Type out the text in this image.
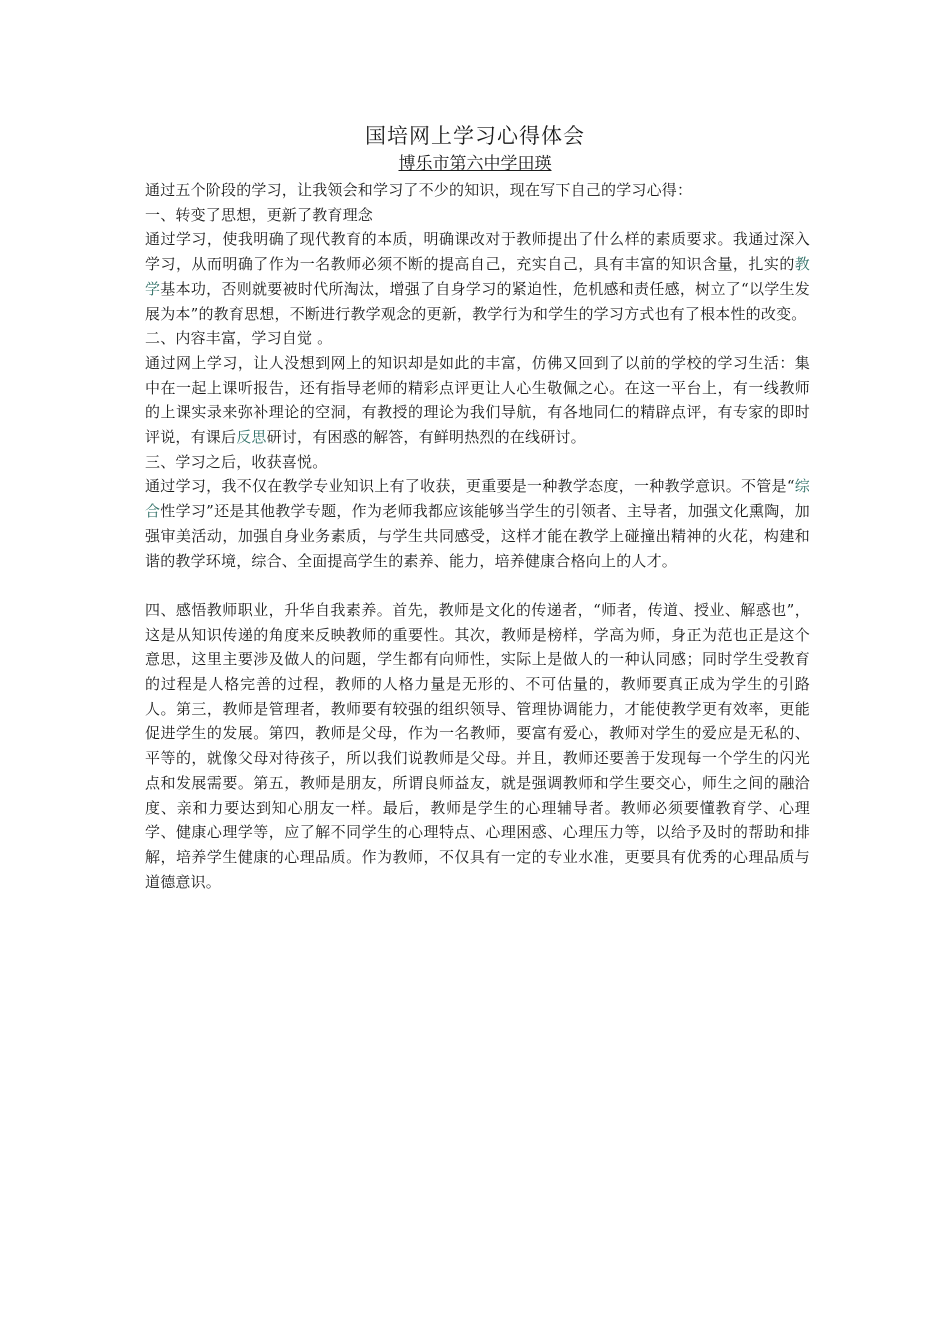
国培网上学习心得体会
博乐市第六中学田瑛

通过五个阶段的学习，让我领会和学习了不少的知识，现在写下自己的学习心得：

一、转变了思想，更新了教育理念

通过学习，使我明确了现代教育的本质，明确课改对于教师提出了什么样的素质要求。我通过深入学习，从而明确了作为一名教师必须不断的提高自己，充实自己，具有丰富的知识含量，扎实的教学基本功，否则就要被时代所淘汰，增强了自身学习的紧迫性，危机感和责任感，树立了“以学生发展为本”的教育思想，不断进行教学观念的更新，教学行为和学生的学习方式也有了根本性的改变。

二、内容丰富，学习自觉 。

通过网上学习，让人没想到网上的知识却是如此的丰富，仿佛又回到了以前的学校的学习生活：集中在一起上课听报告，还有指导老师的精彩点评更让人心生敬佩之心。在这一平台上，有一线教师的上课实录来弥补理论的空洞，有教授的理论为我们导航，有各地同仁的精辟点评，有专家的即时评说，有课后反思研讨，有困惑的解答，有鲜明热烈的在线研讨。

三、学习之后，收获喜悦。

通过学习，我不仅在教学专业知识上有了收获，更重要是一种教学态度，一种教学意识。不管是“综合性学习”还是其他教学专题，作为老师我都应该能够当学生的引领者、主导者，加强文化熏陶，加强审美活动，加强自身业务素质，与学生共同感受，这样才能在教学上碰撞出精神的火花，构建和谐的教学环境，综合、全面提高学生的素养、能力，培养健康合格向上的人才。

四、感悟教师职业，升华自我素养。首先，教师是文化的传递者，“师者，传道、授业、解惑也”，这是从知识传递的角度来反映教师的重要性。其次，教师是榜样，学高为师，身正为范也正是这个意思，这里主要涉及做人的问题，学生都有向师性，实际上是做人的一种认同感；同时学生受教育的过程是人格完善的过程，教师的人格力量是无形的、不可估量的，教师要真正成为学生的引路人。第三，教师是管理者，教师要有较强的组织领导、管理协调能力，才能使教学更有效率，更能促进学生的发展。第四，教师是父母，作为一名教师，要富有爱心，教师对学生的爱应是无私的、平等的，就像父母对待孩子，所以我们说教师是父母。并且，教师还要善于发现每一个学生的闪光点和发展需要。第五，教师是朋友，所谓良师益友，就是强调教师和学生要交心，师生之间的融洽度、亲和力要达到知心朋友一样。最后，教师是学生的心理辅导者。教师必须要懂教育学、心理学、健康心理学等，应了解不同学生的心理特点、心理困惑、心理压力等，以给予及时的帮助和排解，培养学生健康的心理品质。作为教师，不仅具有一定的专业水准，更要具有优秀的心理品质与道德意识。
